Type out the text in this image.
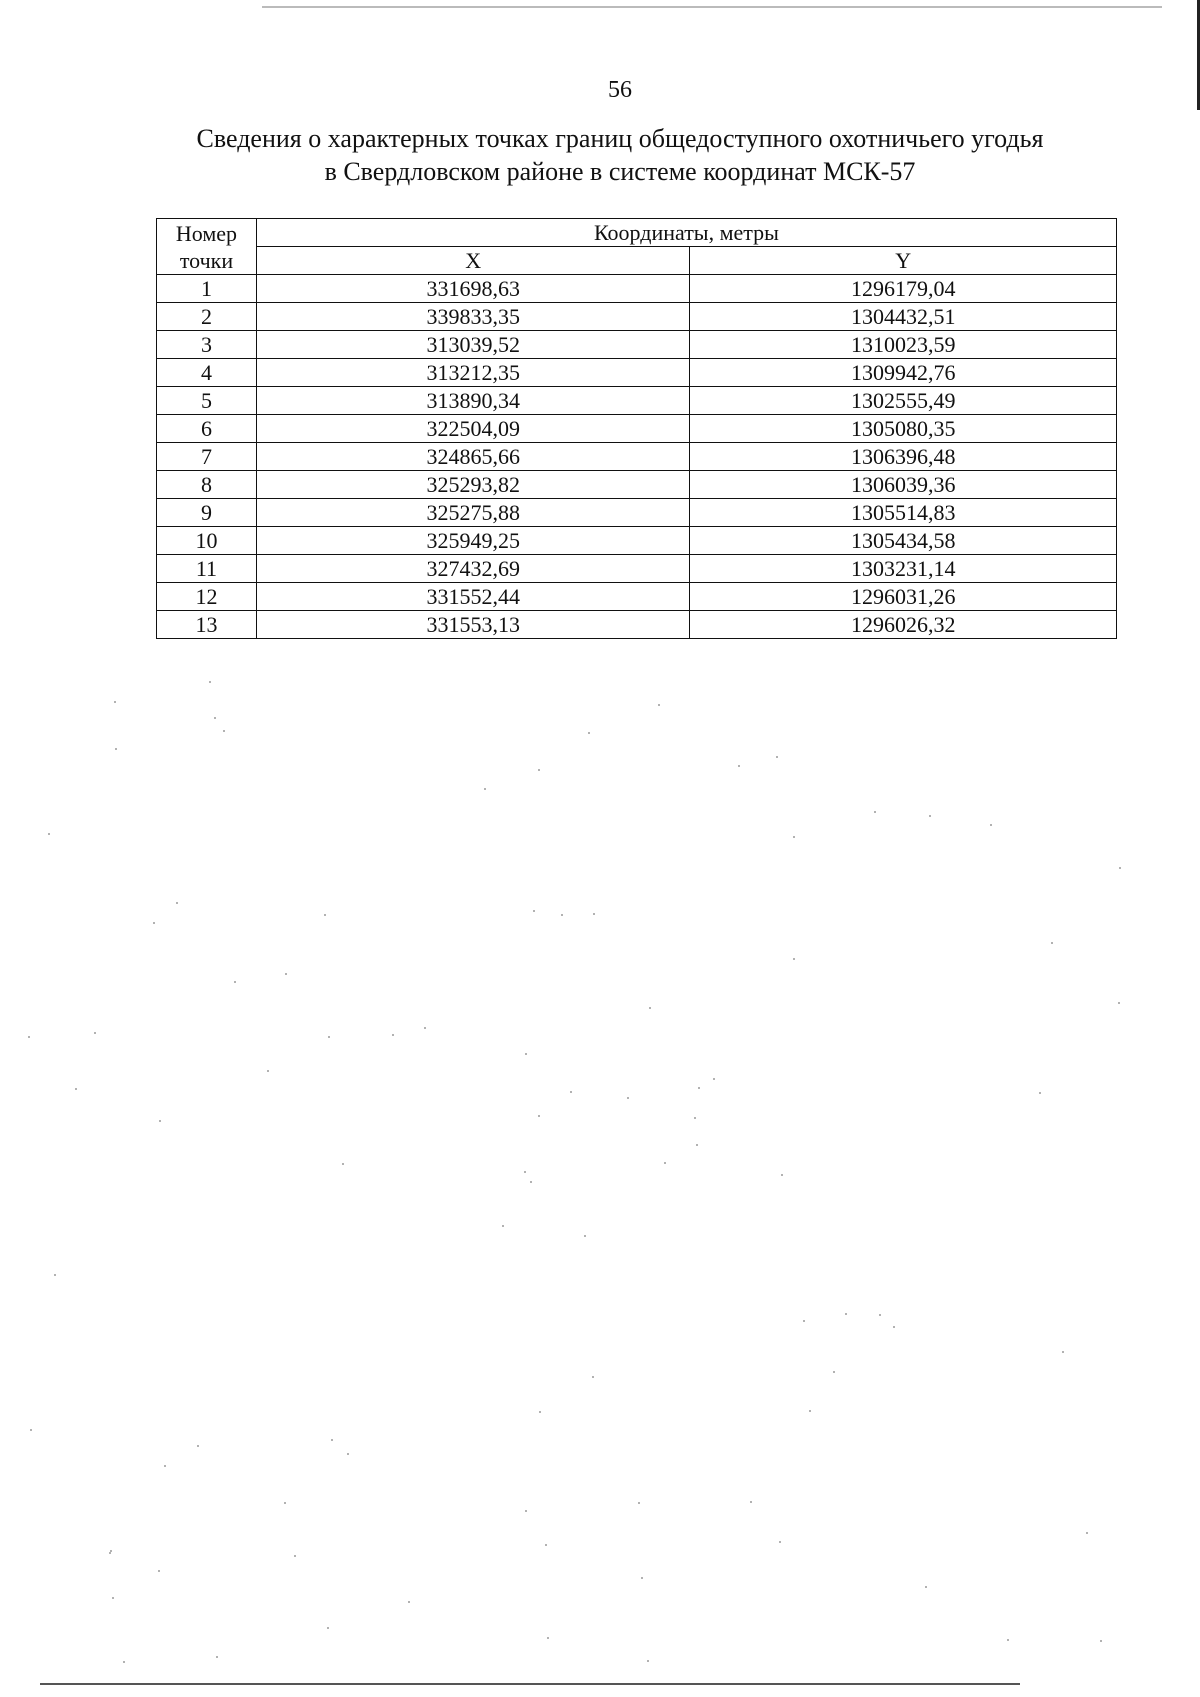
56
Сведения о характерных точках границ общедоступного охотничьего угодья
в Свердловском районе в системе координат МСК-57
Номер
точки	Координаты, метры	
	X	Y
1	331698,63	1296179,04
2	339833,35	1304432,51
3	313039,52	1310023,59
4	313212,35	1309942,76
5	313890,34	1302555,49
6	322504,09	1305080,35
7	324865,66	1306396,48
8	325293,82	1306039,36
9	325275,88	1305514,83
10	325949,25	1305434,58
11	327432,69	1303231,14
12	331552,44	1296031,26
13	331553,13	1296026,32
